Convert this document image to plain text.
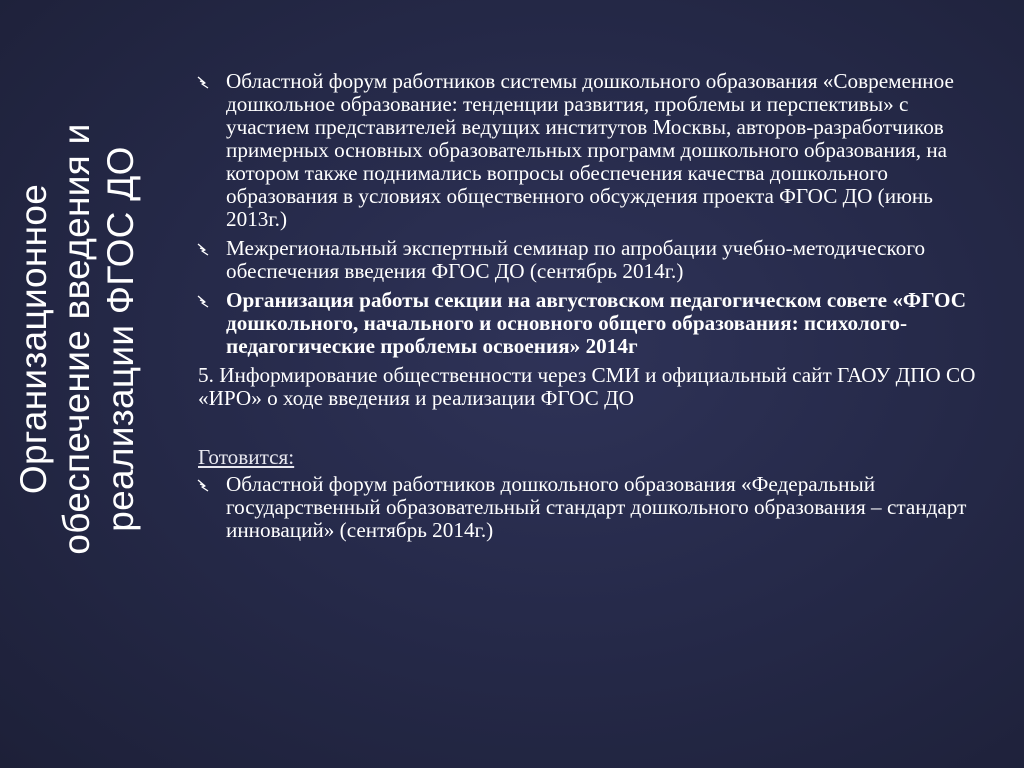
Организационное обеспечение введения и реализации ФГОС ДО
Областной форум работников системы дошкольного образования «Современное дошкольное образование: тенденции развития, проблемы и перспективы» с участием представителей ведущих институтов Москвы, авторов-разработчиков примерных основных образовательных программ дошкольного образования, на котором также поднимались вопросы обеспечения качества дошкольного образования в условиях общественного обсуждения проекта ФГОС ДО (июнь 2013г.)
Межрегиональный экспертный семинар по апробации учебно-методического обеспечения введения ФГОС ДО (сентябрь 2014г.)
Организация работы секции на августовском педагогическом совете «ФГОС дошкольного, начального и основного общего образования: психолого-педагогические проблемы освоения» 2014г
5. Информирование общественности через СМИ и официальный сайт ГАОУ ДПО СО «ИРО» о ходе введения и реализации ФГОС ДО
Готовится:
Областной форум работников дошкольного образования «Федеральный государственный образовательный стандарт дошкольного образования – стандарт инноваций» (сентябрь 2014г.)
